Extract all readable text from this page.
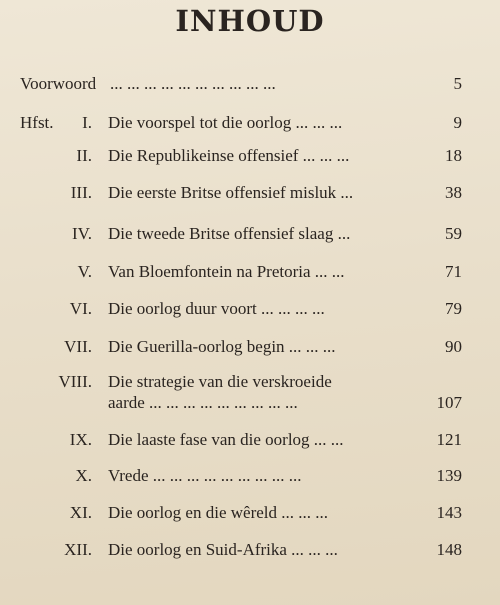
INHOUD
Voorwoord ... ... ... ... ... ... ... ... ... ...	5
Hfst.	I. Die voorspel tot die oorlog ... ... ...	9
II. Die Republikeinse offensief ... ... ...	18
III. Die eerste Britse offensief misluk ...	38
IV. Die tweede Britse offensief slaag ...	59
V. Van Bloemfontein na Pretoria ... ...	71
VI. Die oorlog duur voort ... ... ... ...	79
VII. Die Guerilla-oorlog begin ... ... ...	90
VIII. Die strategie van die verskroeide
aarde ... ... ... ... ... ... ... ... ...	107
IX. Die laaste fase van die oorlog ... ...	121
X. Vrede ... ... ... ... ... ... ... ... ...	139
XI. Die oorlog en die wêreld ... ... ...	143
XII. Die oorlog en Suid-Afrika ... ... ...	148
